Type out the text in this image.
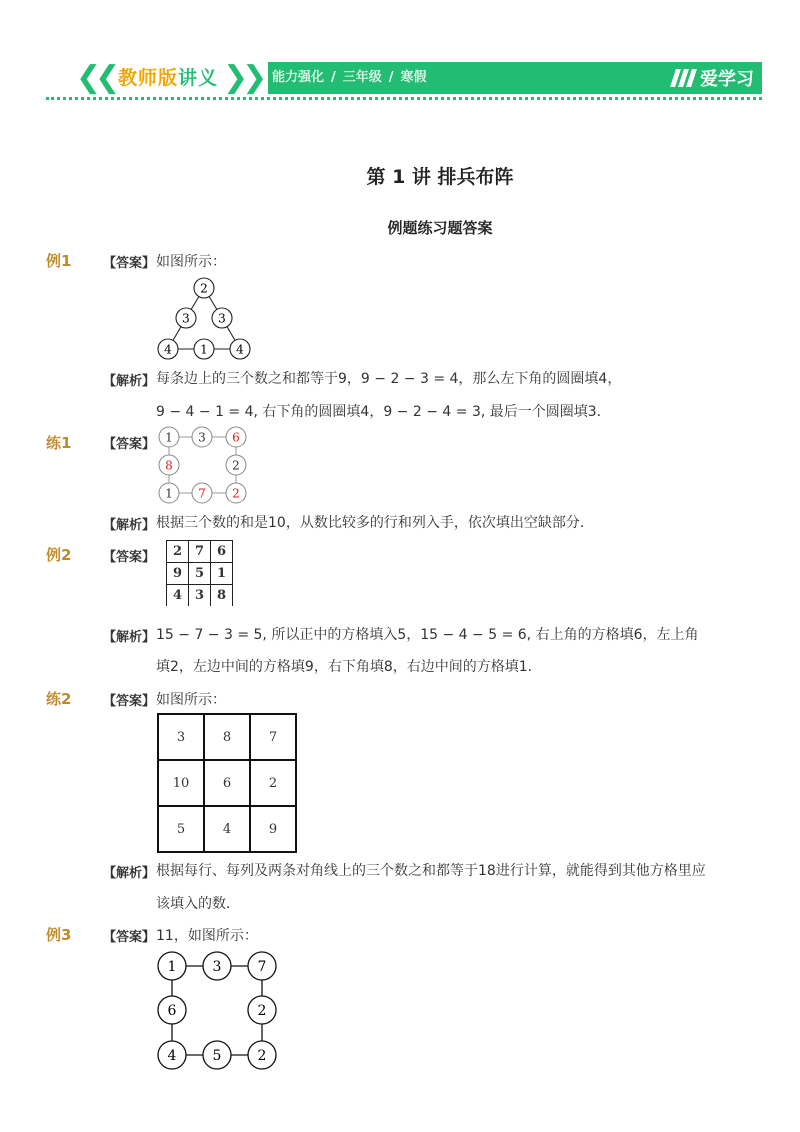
❮❮ 教师版讲义 ❯❯ 能力强化 / 三年级 / 寒假	爱学习
第 1 讲 排兵布阵
例题练习题答案
例1 【答案】 如图所示：
2
3 3
4 1 4
【解析】 每条边上的三个数之和都等于9，9 − 2 − 3 = 4，那么左下角的圆圈填4，
9 − 4 − 1 = 4, 右下角的圆圈填4，9 − 2 − 4 = 3, 最后一个圆圈填3．
练1 【答案】 1 3 6
8	2
1 7 2
【解析】 根据三个数的和是10，从数比较多的行和列入手，依次填出空缺部分．
例2 【答案】 2	7	6
9	5	1
4	3	8
【解析】 15 − 7 − 3 = 5, 所以正中的方格填入5，15 − 4 − 5 = 6, 右上角的方格填6，左上角
填2，左边中间的方格填9，右下角填8，右边中间的方格填1．
练2 【答案】 如图所示：
3	8	7
10	6	2
5	4	9
【解析】 根据每行、每列及两条对角线上的三个数之和都等于18进行计算，就能得到其他方格里应
该填入的数．
例3 【答案】 11，如图所示：
1	3	7
6	2
4	5	2
